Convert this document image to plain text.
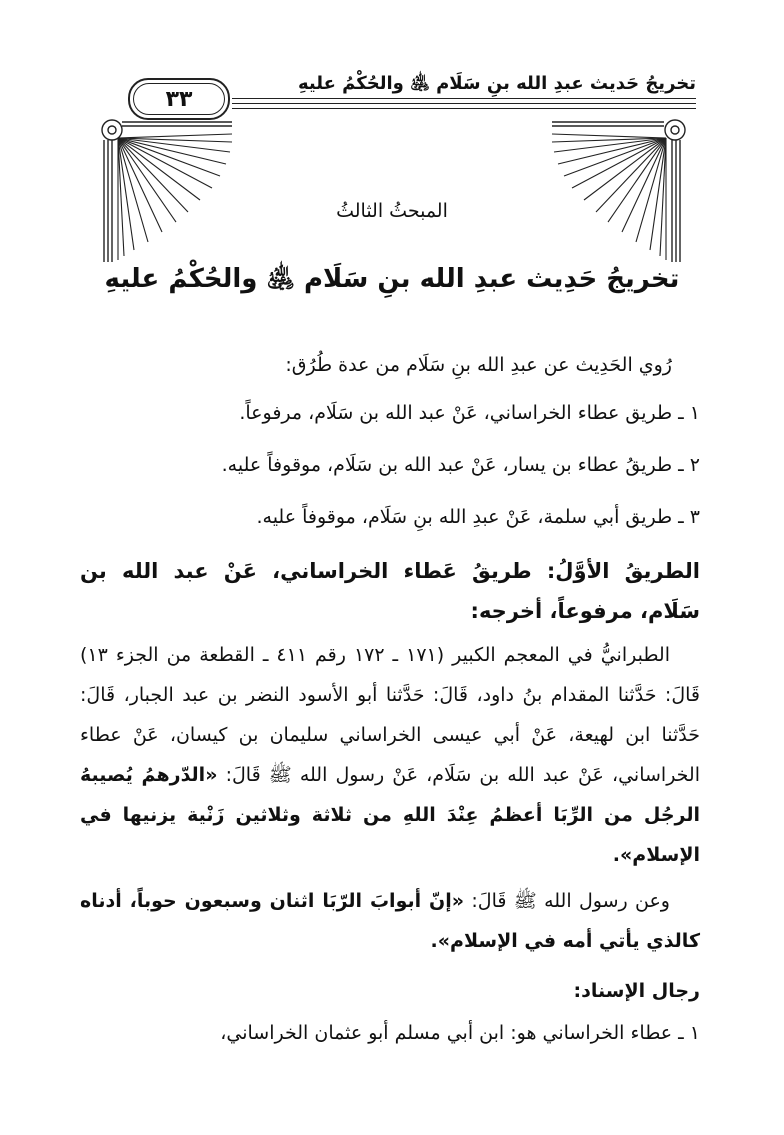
تخريجُ حَديث عبدِ الله بنِ سَلَام ﵁ والحُكْمُ عليهِ
٣٣
المبحثُ الثالثُ
تخريجُ حَدِيث عبدِ الله بنِ سَلَام ﵁ والحُكْمُ عليهِ

رُوي الحَدِيث عن عبدِ الله بنِ سَلَام من عدة طُرُق:

١ ـ طريق عطاء الخراساني، عَنْ عبد الله بن سَلَام، مرفوعاً.

٢ ـ طريقُ عطاء بن يسار، عَنْ عبد الله بن سَلَام، موقوفاً عليه.

٣ ـ طريق أبي سلمة، عَنْ عبدِ الله بنِ سَلَام، موقوفاً عليه.

الطريقُ الأوَّلُ: طريقُ عَطاء الخراساني، عَنْ عبد الله بن سَلَام، مرفوعاً، أخرجه:

الطبرانيُّ في المعجم الكبير (١٧١ ـ ١٧٢ رقم ٤١١ ـ القطعة من الجزء ١٣) قَالَ: حَدَّثنا المقدام بنُ داود، قَالَ: حَدَّثنا أبو الأسود النضر بن عبد الجبار، قَالَ: حَدَّثنا ابن لهيعة، عَنْ أبي عيسى الخراساني سليمان بن كيسان، عَنْ عطاء الخراساني، عَنْ عبد الله بن سَلَام، عَنْ رسول الله ﷺ قَالَ: «الدّرهمُ يُصيبهُ الرجُل من الرِّبَا أعظمُ عِنْدَ اللهِ من ثلاثة وثلاثين زَنْية يزنيها في الإسلام».

وعن رسول الله ﷺ قَالَ: «إنّ أبوابَ الرّبَا اثنان وسبعون حوباً، أدناه كالذي يأتي أمه في الإسلام».

رجال الإسناد:

١ ـ عطاء الخراساني هو: ابن أبي مسلم أبو عثمان الخراساني،
